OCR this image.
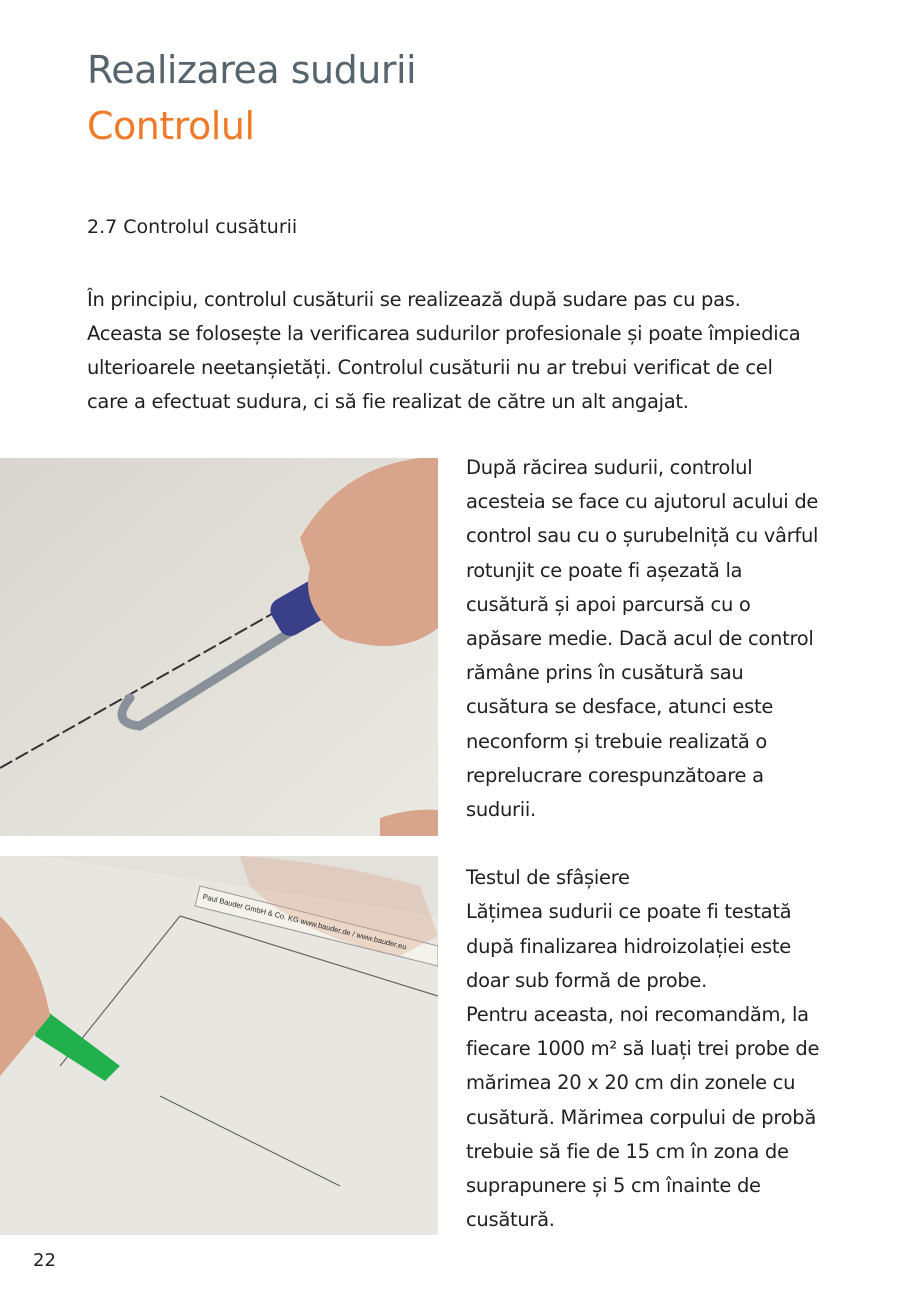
Realizarea sudurii
Controlul
2.7 Controlul cusăturii

În principiu, controlul cusăturii se realizează după sudare pas cu pas. Aceasta se folosește la verificarea sudurilor profesionale și poate împiedica ulterioarele neetanșietăți. Controlul cusăturii nu ar trebui verificat de cel care a efectuat sudura, ci să fie realizat de către un alt angajat.

Paul Bauder GmbH & Co. KG www.bauder.de / www.bauder.eu

După răcirea sudurii, controlul acesteia se face cu ajutorul acului de control sau cu o șurubelniță cu vârful rotunjit ce poate fi așezată la cusătură și apoi parcursă cu o apăsare medie. Dacă acul de control rămâne prins în cusătură sau cusătura se desface, atunci este neconform și trebuie realizată o reprelucrare corespunzătoare a sudurii.

Testul de sfâșiere

Lățimea sudurii ce poate fi testată după finalizarea hidroizolației este doar sub formă de probe.

Pentru aceasta, noi recomandăm, la fiecare 1000 m² să luați trei probe de mărimea 20 x 20 cm din zonele cu cusătură. Mărimea corpului de probă trebuie să fie de 15 cm în zona de suprapunere și 5 cm înainte de cusătură.

22
